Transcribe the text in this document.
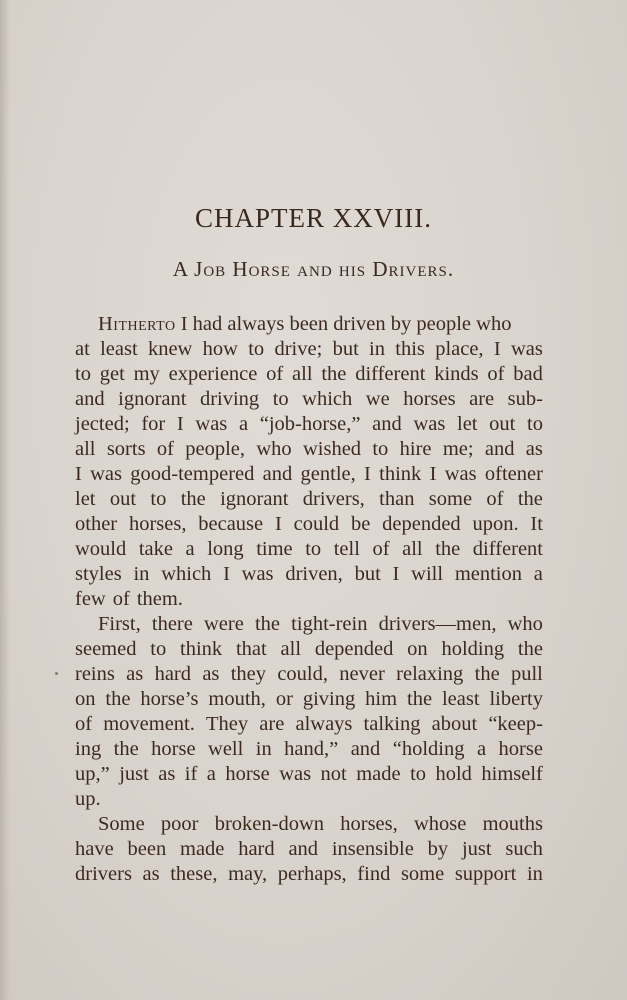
CHAPTER XXVIII.
A Job Horse and his Drivers.
Hitherto I had always been driven by people who
at least knew how to drive; but in this place, I was
to get my experience of all the different kinds of bad
and ignorant driving to which we horses are sub-
jected; for I was a “job-horse,” and was let out to
all sorts of people, who wished to hire me; and as
I was good-tempered and gentle, I think I was oftener
let out to the ignorant drivers, than some of the
other horses, because I could be depended upon. It
would take a long time to tell of all the different
styles in which I was driven, but I will mention a
few of them.
First, there were the tight-rein drivers—men, who
seemed to think that all depended on holding the
reins as hard as they could, never relaxing the pull
on the horse’s mouth, or giving him the least liberty
of movement. They are always talking about “keep-
ing the horse well in hand,” and “holding a horse
up,” just as if a horse was not made to hold himself
up.
Some poor broken-down horses, whose mouths
have been made hard and insensible by just such
drivers as these, may, perhaps, find some support in
